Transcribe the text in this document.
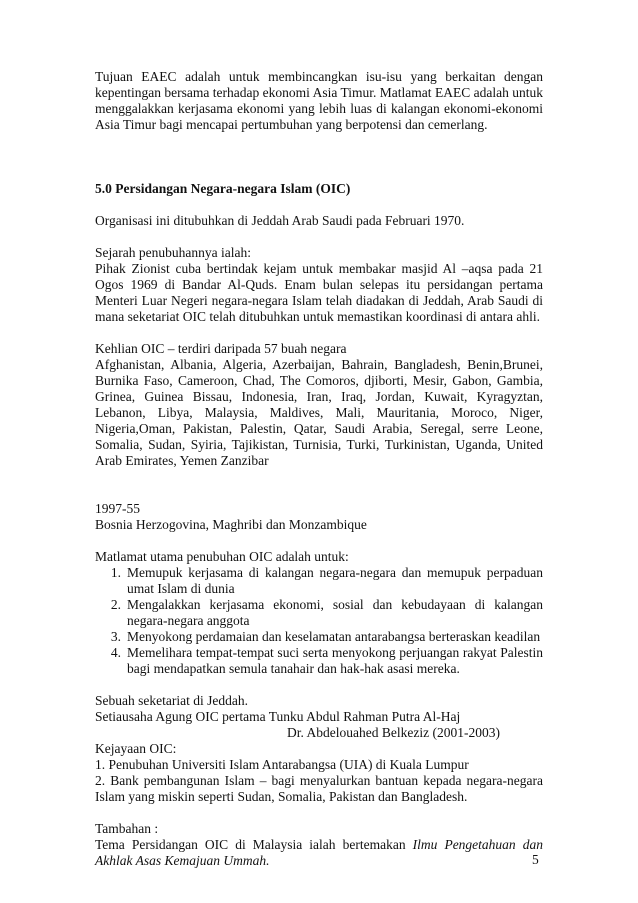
Tujuan EAEC adalah untuk membincangkan isu-isu yang berkaitan dengan kepentingan bersama terhadap ekonomi Asia Timur. Matlamat EAEC adalah untuk menggalakkan kerjasama ekonomi yang lebih luas di kalangan ekonomi-ekonomi Asia Timur bagi mencapai pertumbuhan yang berpotensi dan cemerlang.

5.0 Persidangan Negara-negara Islam (OIC)

Organisasi ini ditubuhkan di Jeddah Arab Saudi pada Februari 1970.

Sejarah penubuhannya ialah:

Pihak Zionist cuba bertindak kejam untuk membakar masjid Al –aqsa pada 21 Ogos 1969 di Bandar Al-Quds. Enam bulan selepas itu persidangan pertama Menteri Luar Negeri negara-negara Islam telah diadakan di Jeddah, Arab Saudi di mana seketariat OIC telah ditubuhkan untuk memastikan koordinasi di antara ahli.

Kehlian OIC – terdiri daripada 57 buah negara

Afghanistan, Albania, Algeria, Azerbaijan, Bahrain, Bangladesh, Benin,Brunei, Burnika Faso, Cameroon, Chad, The Comoros, djiborti, Mesir, Gabon, Gambia, Grinea, Guinea Bissau, Indonesia, Iran, Iraq, Jordan, Kuwait, Kyragyztan, Lebanon, Libya, Malaysia, Maldives, Mali, Mauritania, Moroco, Niger, Nigeria,Oman, Pakistan, Palestin, Qatar, Saudi Arabia, Seregal, serre Leone, Somalia, Sudan, Syiria, Tajikistan, Turnisia, Turki, Turkinistan, Uganda, United Arab Emirates, Yemen Zanzibar

1997-55

Bosnia Herzogovina, Maghribi dan Monzambique

Matlamat utama penubuhan OIC adalah untuk:

1. Memupuk kerjasama di kalangan negara-negara dan memupuk perpaduan umat Islam di dunia
2. Mengalakkan kerjasama ekonomi, sosial dan kebudayaan di kalangan negara-negara anggota
3. Menyokong perdamaian dan keselamatan antarabangsa berteraskan keadilan
4. Memelihara tempat-tempat suci serta menyokong perjuangan rakyat Palestin bagi mendapatkan semula tanahair dan hak-hak asasi mereka.

Sebuah seketariat di Jeddah.

Setiausaha Agung OIC pertama Tunku Abdul Rahman Putra Al-Haj

Dr. Abdelouahed Belkeziz (2001-2003)

Kejayaan OIC:

1. Penubuhan Universiti Islam Antarabangsa (UIA) di Kuala Lumpur

2. Bank pembangunan Islam – bagi menyalurkan bantuan kepada negara-negara Islam yang miskin seperti Sudan, Somalia, Pakistan dan Bangladesh.

Tambahan :

Tema Persidangan OIC di Malaysia ialah bertemakan Ilmu Pengetahuan dan Akhlak Asas Kemajuan Ummah.	5
